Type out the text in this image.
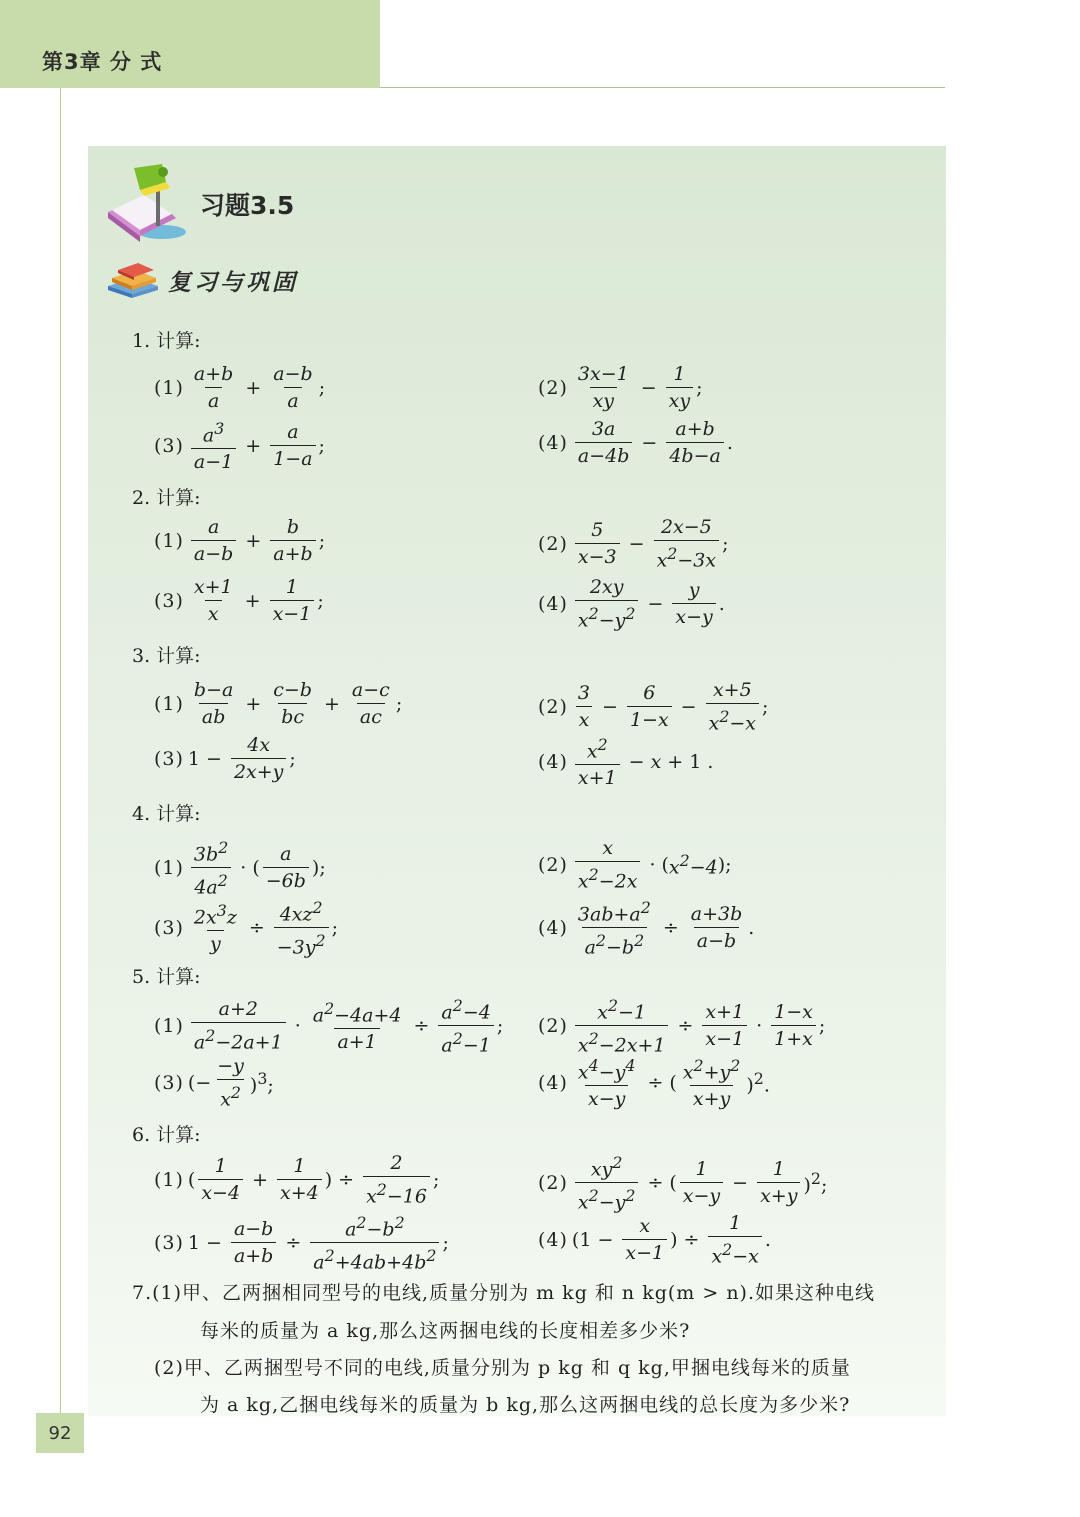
第3章 分 式
92
习题3.5
复习与巩固
1. 计算:
$(1) \frac{a+b}{a} + \frac{a-b}{a}$ ;	$(2) \frac{3x-1}{xy} - \frac{1}{xy}$ ;
$(3) \frac{a^3}{a-1} + \frac{a}{1-a}$ ;	$(4) \frac{3a}{a-4b} - \frac{a+b}{4b-a}$ .
2. 计算:
$(1) \frac{a}{a-b} + \frac{b}{a+b}$ ;	$(2) \frac{5}{x-3} - \frac{2x-5}{x^2-3x}$ ;
$(3) \frac{x+1}{x} + \frac{1}{x-1}$ ;	$(4) \frac{2xy}{x^2-y^2} - \frac{y}{x-y}$ .
3. 计算:
$(1) \frac{b-a}{ab} + \frac{c-b}{bc} + \frac{a-c}{ac}$ ;	$(2) \frac{3}{x} - \frac{6}{1-x} - \frac{x+5}{x^2-x}$ ;
(3) $1 - \frac{4x}{2x+y}$ ;	$(4) \frac{x^2}{x+1} - x + 1$ .
4. 计算:
$(1) \frac{3b^2}{4a^2}$ · ( $\frac{a}{-6b}$ );	$(2) \frac{x}{x^2-2x}$ · ( $x^2-4$ );
$(3) \frac{2x^3z}{y} \div \frac{4xz^2}{-3y^2}$ ;	$(4) \frac{3ab+a^2}{a^2-b^2} \div \frac{a+3b}{a-b}$ .
5. 计算:
$(1) \frac{a+2}{a^2-2a+1} \cdot \frac{a^2-4a+4}{a+1} \div \frac{a^2-4}{a^2-1}$ ; $(2) \frac{x^2-1}{x^2-2x+1} \div \frac{x+1}{x-1} \cdot \frac{1-x}{1+x}$ ;
(3) (− $\frac{-y}{x^2} )^3$;	$(4) \frac{x^4-y^4}{x-y}$ ÷ ( $\frac{x^2+y^2}{x+y} )^2$.
6. 计算:
(1) ( $\frac{1}{x-4} + \frac{1}{x+4}$ ) ÷ $\frac{2}{x^2-16}$ ;	$(2) \frac{xy^2}{x^2-y^2}$ ÷ ( $\frac{1}{x-y} - \frac{1}{x+y} )^2$;
(3) $1 - \frac{a-b}{a+b} \div \frac{a^2-b^2}{a^2+4ab+4b^2}$ ;	(4) ($1 - \frac{x}{x-1}$ ) ÷ $\frac{1}{x^2-x}$ .
7.(1)甲、乙两捆相同型号的电线,质量分别为 m kg 和 n kg(m > n).如果这种电线
每米的质量为 a kg,那么这两捆电线的长度相差多少米?
(2)甲、乙两捆型号不同的电线,质量分别为 p kg 和 q kg,甲捆电线每米的质量
为 a kg,乙捆电线每米的质量为 b kg,那么这两捆电线的总长度为多少米?
